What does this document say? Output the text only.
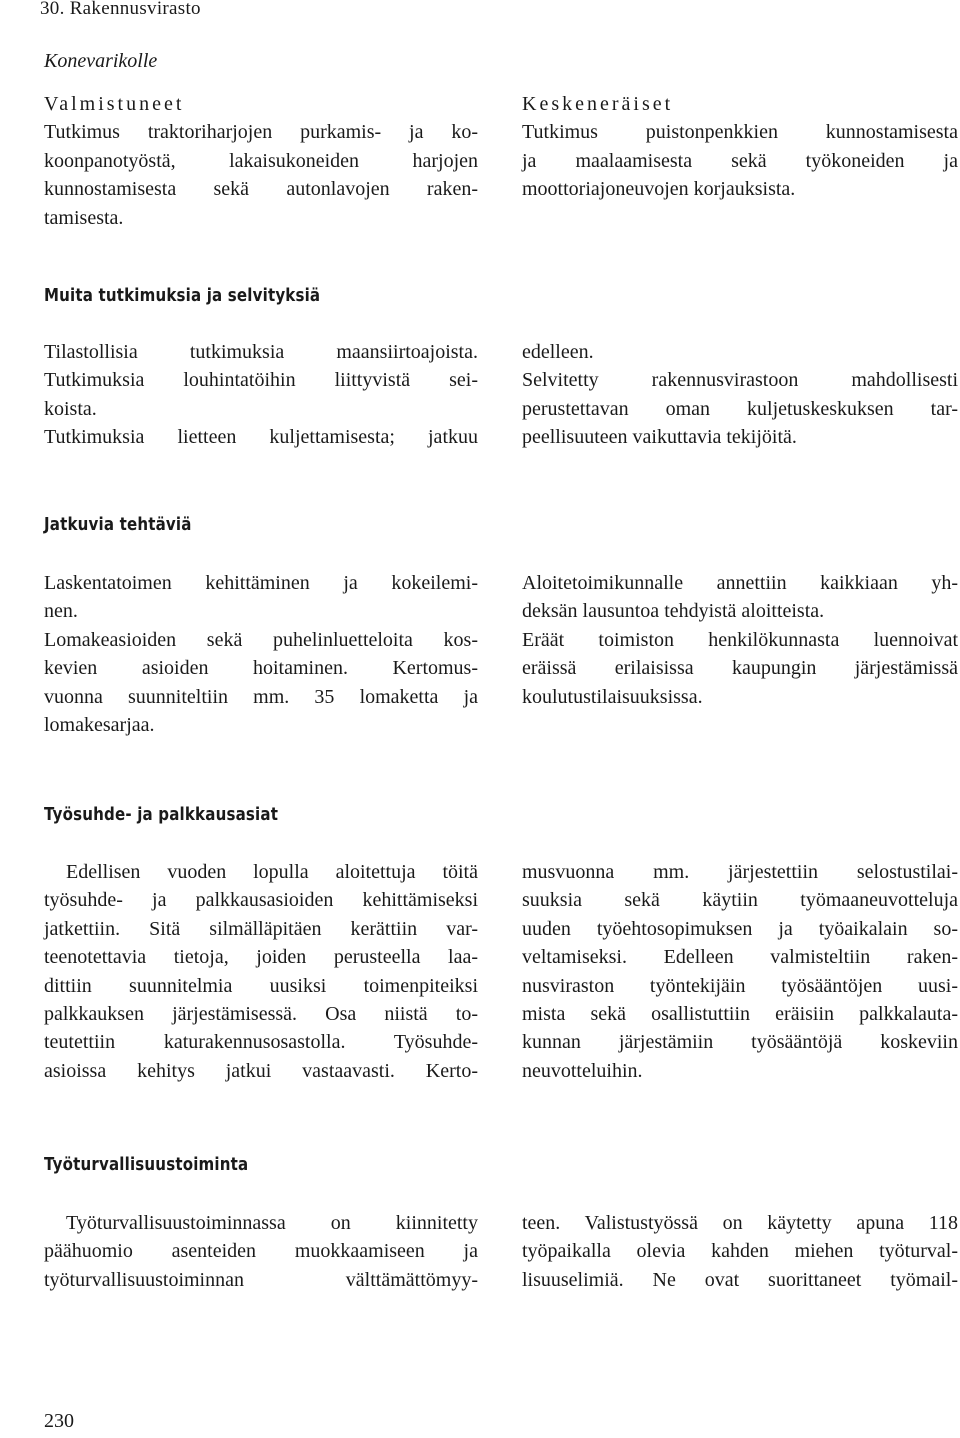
30. Rakennusvirasto
Konevarikolle
Valmistuneet
Tutkimus traktoriharjojen purkamis- ja ko-
koonpanotyöstä, lakaisukoneiden harjojen
kunnostamisesta sekä autonlavojen raken-
tamisesta.
Keskeneräiset
Tutkimus puistonpenkkien kunnostamisesta
ja maalaamisesta sekä työkoneiden ja
moottoriajoneuvojen korjauksista.
Muita tutkimuksia ja selvityksiä
Tilastollisia tutkimuksia maansiirtoajoista.
Tutkimuksia louhintatöihin liittyvistä sei-
koista.
Tutkimuksia lietteen kuljettamisesta; jatkuu
edelleen.
Selvitetty rakennusvirastoon mahdollisesti
perustettavan oman kuljetuskeskuksen tar-
peellisuuteen vaikuttavia tekijöitä.
Jatkuvia tehtäviä
Laskentatoimen kehittäminen ja kokeilemi-
nen.
Lomakeasioiden sekä puhelinluetteloita kos-
kevien asioiden hoitaminen. Kertomus-
vuonna suunniteltiin mm. 35 lomaketta ja
lomakesarjaa.
Aloitetoimikunnalle annettiin kaikkiaan yh-
deksän lausuntoa tehdyistä aloitteista.
Eräät toimiston henkilökunnasta luennoivat
eräissä erilaisissa kaupungin järjestämissä
koulutustilaisuuksissa.
Työsuhde- ja palkkausasiat
Edellisen vuoden lopulla aloitettuja töitä
työsuhde- ja palkkausasioiden kehittämiseksi
jatkettiin. Sitä silmälläpitäen kerättiin var-
teenotettavia tietoja, joiden perusteella laa-
dittiin suunnitelmia uusiksi toimenpiteiksi
palkkauksen järjestämisessä. Osa niistä to-
teutettiin katurakennusosastolla. Työsuhde-
asioissa kehitys jatkui vastaavasti. Kerto-
musvuonna mm. järjestettiin selostustilai-
suuksia sekä käytiin työmaaneuvotteluja
uuden työehtosopimuksen ja työaikalain so-
veltamiseksi. Edelleen valmisteltiin raken-
nusviraston työntekijäin työsääntöjen uusi-
mista sekä osallistuttiin eräisiin palkkalauta-
kunnan järjestämiin työsääntöjä koskeviin
neuvotteluihin.
Työturvallisuustoiminta
Työturvallisuustoiminnassa on kiinnitetty
päähuomio asenteiden muokkaamiseen ja
työturvallisuustoiminnan välttämättömyy-
teen. Valistustyössä on käytetty apuna 118
työpaikalla olevia kahden miehen työturval-
lisuuselimiä. Ne ovat suorittaneet työmail-
230
